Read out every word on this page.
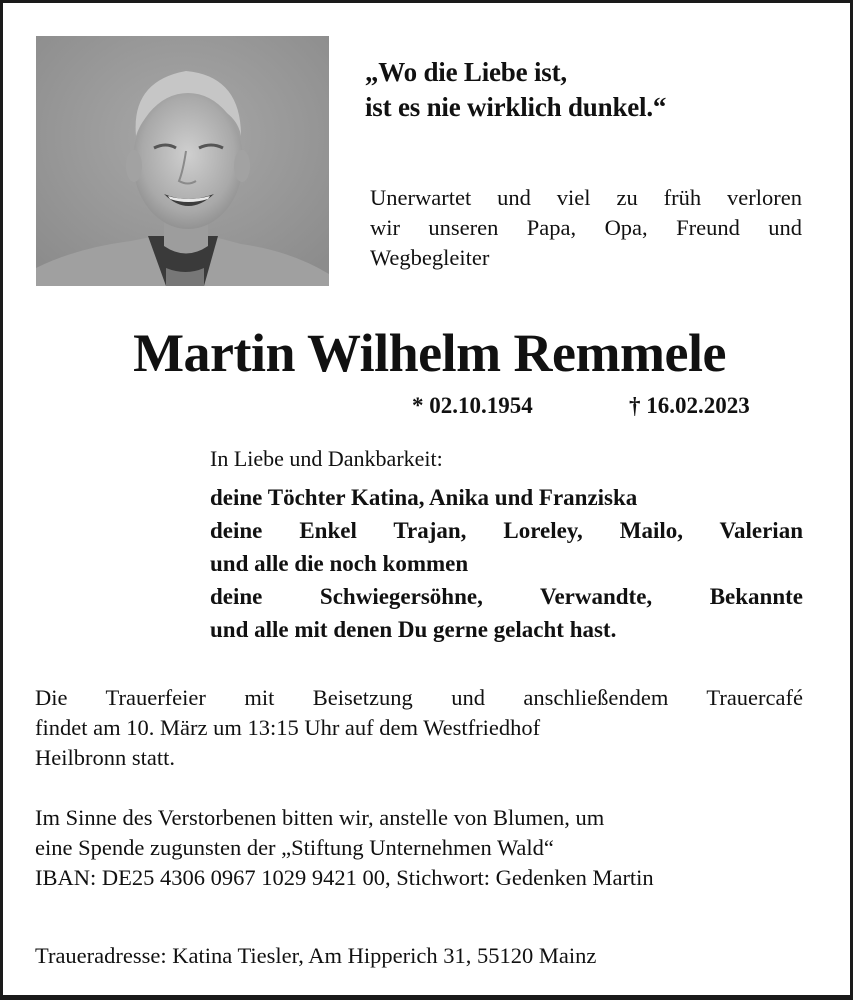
„Wo die Liebe ist,
ist es nie wirklich dunkel.“
Unerwartet und viel zu früh verloren
wir unseren Papa, Opa, Freund und
Wegbegleiter
Martin Wilhelm Remmele
* 02.10.1954	† 16.02.2023
In Liebe und Dankbarkeit:
deine Töchter Katina, Anika und Franziska
deine Enkel Trajan, Loreley, Mailo, Valerian
und alle die noch kommen
deine Schwiegersöhne, Verwandte, Bekannte
und alle mit denen Du gerne gelacht hast.
Die Trauerfeier mit Beisetzung und anschließendem Trauercafé
findet am 10. März um 13:15 Uhr auf dem Westfriedhof
Heilbronn statt.
Im Sinne des Verstorbenen bitten wir, anstelle von Blumen, um
eine Spende zugunsten der „Stiftung Unternehmen Wald“
IBAN: DE25 4306 0967 1029 9421 00, Stichwort: Gedenken Martin
Traueradresse: Katina Tiesler, Am Hipperich 31, 55120 Mainz
